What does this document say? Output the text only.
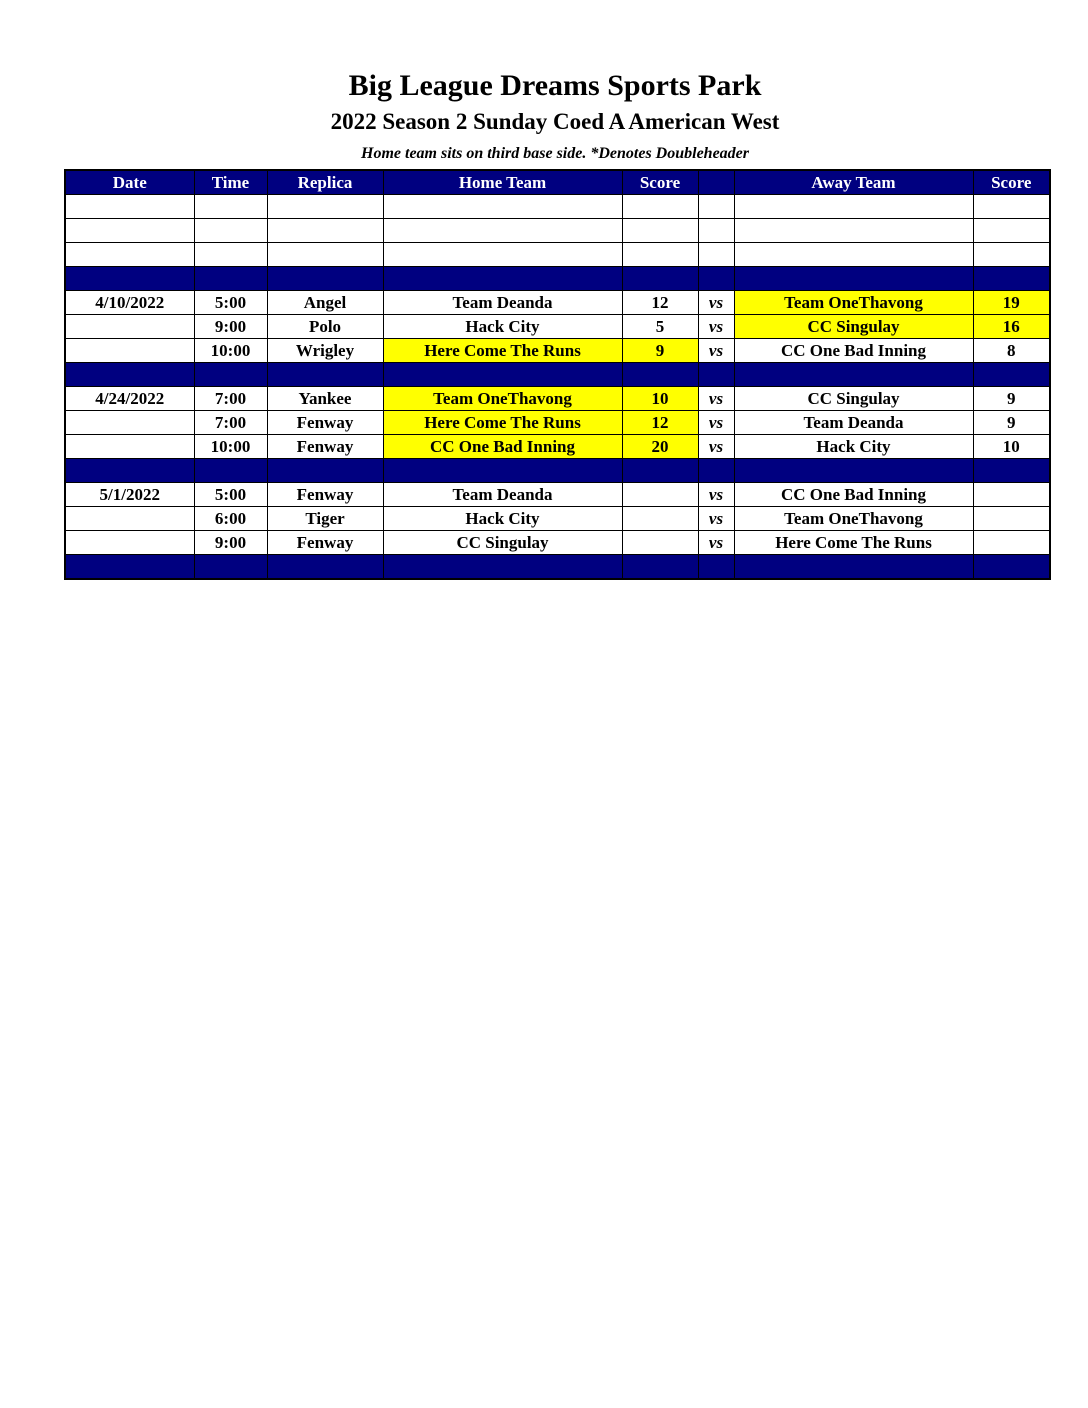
Big League Dreams Sports Park
2022 Season 2 Sunday Coed A American West
Home team sits on third base side. *Denotes Doubleheader
Date	Time	Replica	Home Team	Score		Away Team	Score

4/10/2022	5:00	Angel	Team Deanda	12	vs	Team OneThavong	19
	9:00	Polo	Hack City	5	vs	CC Singulay	16
	10:00	Wrigley	Here Come The Runs	9	vs	CC One Bad Inning	8

4/24/2022	7:00	Yankee	Team OneThavong	10	vs	CC Singulay	9
	7:00	Fenway	Here Come The Runs	12	vs	Team Deanda	9
	10:00	Fenway	CC One Bad Inning	20	vs	Hack City	10

5/1/2022	5:00	Fenway	Team Deanda		vs	CC One Bad Inning	
	6:00	Tiger	Hack City		vs	Team OneThavong	
	9:00	Fenway	CC Singulay		vs	Here Come The Runs	
